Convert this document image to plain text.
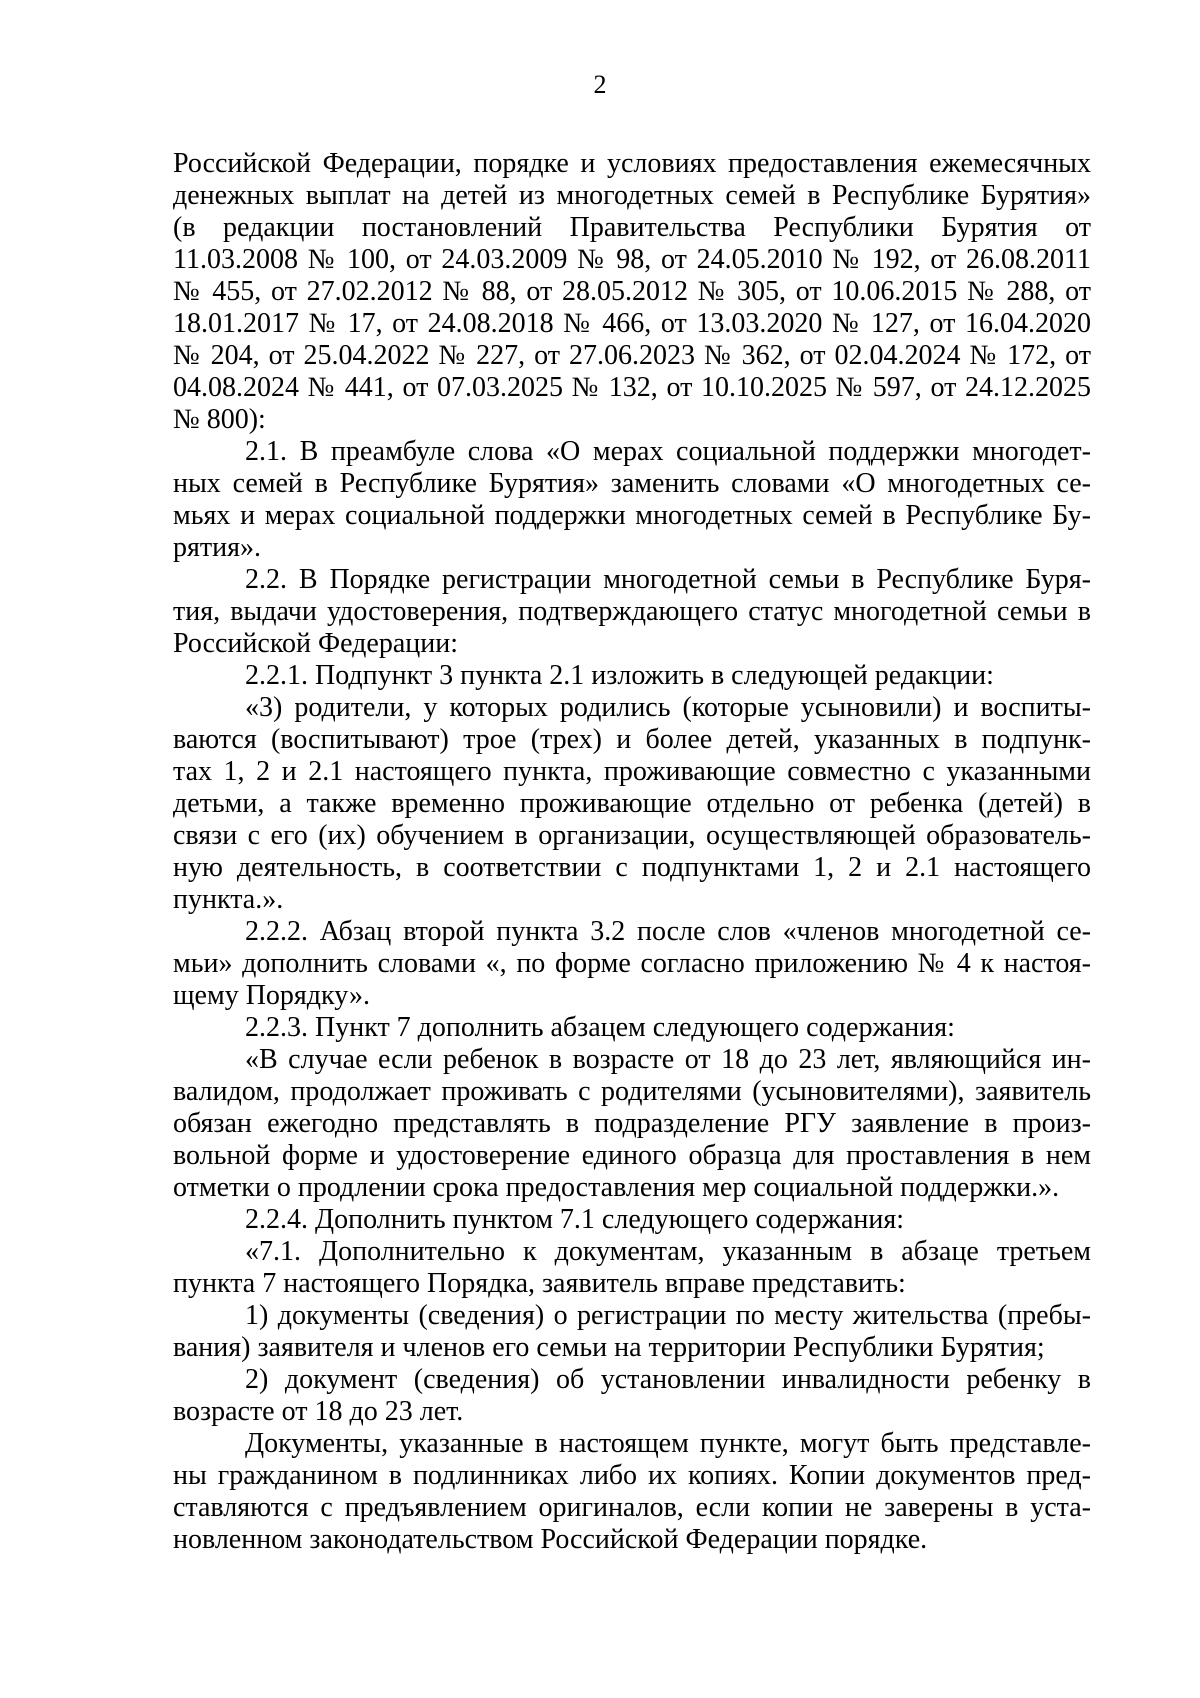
2
Российской Федерации, порядке и условиях предоставления ежемесячных
денежных выплат на детей из многодетных семей в Республике Бурятия»
(в редакции постановлений Правительства Республики Бурятия от
11.03.2008 № 100, от 24.03.2009 № 98, от 24.05.2010 № 192, от 26.08.2011
№ 455, от 27.02.2012 № 88, от 28.05.2012 № 305, от 10.06.2015 № 288, от
18.01.2017 № 17, от 24.08.2018 № 466, от 13.03.2020 № 127, от 16.04.2020
№ 204, от 25.04.2022 № 227, от 27.06.2023 № 362, от 02.04.2024 № 172, от
04.08.2024 № 441, от 07.03.2025 № 132, от 10.10.2025 № 597, от 24.12.2025
№ 800):
2.1. В преамбуле слова «О мерах социальной поддержки многодет-
ных семей в Республике Бурятия» заменить словами «О многодетных се-
мьях и мерах социальной поддержки многодетных семей в Республике Бу-
рятия».
2.2. В Порядке регистрации многодетной семьи в Республике Буря-
тия, выдачи удостоверения, подтверждающего статус многодетной семьи в
Российской Федерации:
2.2.1. Подпункт 3 пункта 2.1 изложить в следующей редакции:
«3) родители, у которых родились (которые усыновили) и воспиты-
ваются (воспитывают) трое (трех) и более детей, указанных в подпунк-
тах 1, 2 и 2.1 настоящего пункта, проживающие совместно с указанными
детьми, а также временно проживающие отдельно от ребенка (детей) в
связи с его (их) обучением в организации, осуществляющей образователь-
ную деятельность, в соответствии с подпунктами 1, 2 и 2.1 настоящего
пункта.».
2.2.2. Абзац второй пункта 3.2 после слов «членов многодетной се-
мьи» дополнить словами «, по форме согласно приложению № 4 к настоя-
щему Порядку».
2.2.3. Пункт 7 дополнить абзацем следующего содержания:
«В случае если ребенок в возрасте от 18 до 23 лет, являющийся ин-
валидом, продолжает проживать с родителями (усыновителями), заявитель
обязан ежегодно представлять в подразделение РГУ заявление в произ-
вольной форме и удостоверение единого образца для проставления в нем
отметки о продлении срока предоставления мер социальной поддержки.».
2.2.4. Дополнить пунктом 7.1 следующего содержания:
«7.1. Дополнительно к документам, указанным в абзаце третьем
пункта 7 настоящего Порядка, заявитель вправе представить:
1) документы (сведения) о регистрации по месту жительства (пребы-
вания) заявителя и членов его семьи на территории Республики Бурятия;
2) документ (сведения) об установлении инвалидности ребенку в
возрасте от 18 до 23 лет.
Документы, указанные в настоящем пункте, могут быть представле-
ны гражданином в подлинниках либо их копиях. Копии документов пред-
ставляются с предъявлением оригиналов, если копии не заверены в уста-
новленном законодательством Российской Федерации порядке.
